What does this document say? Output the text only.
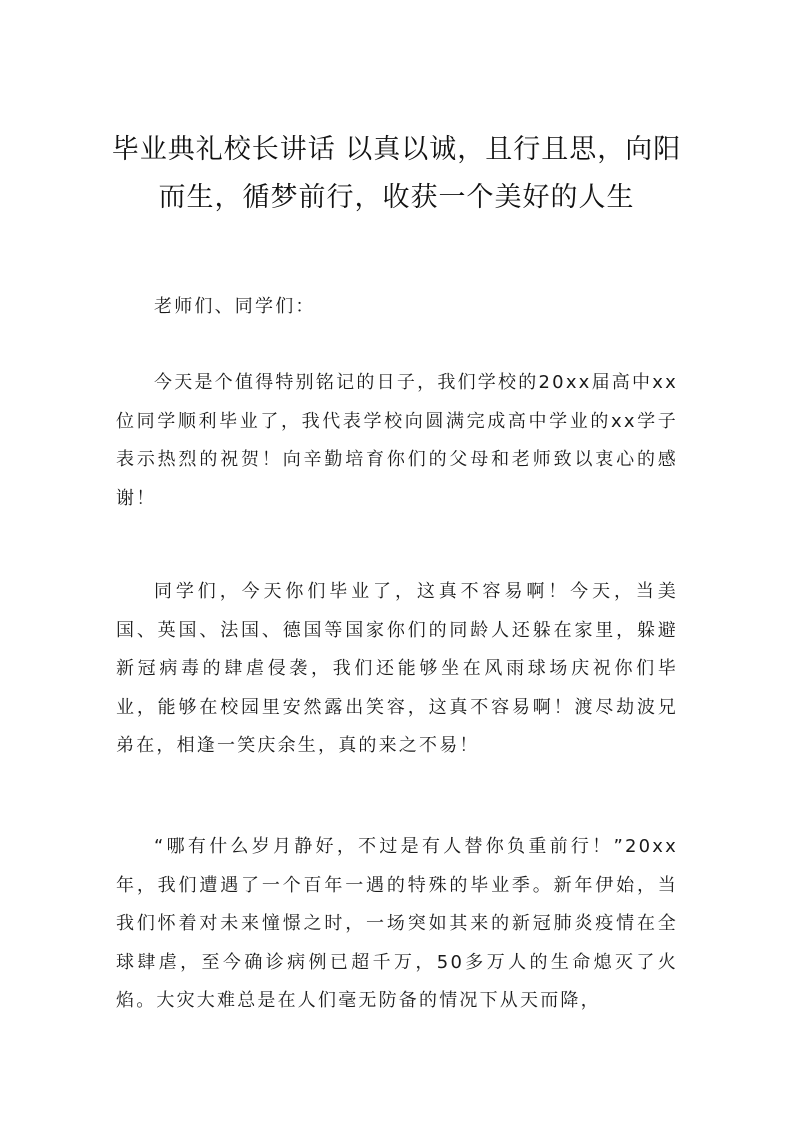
毕业典礼校长讲话 以真以诚，且行且思，向阳而生，循梦前行，收获一个美好的人生

老师们、同学们：

今天是个值得特别铭记的日子，我们学校的20xx届高中xx位同学顺利毕业了，我代表学校向圆满完成高中学业的xx学子表示热烈的祝贺！向辛勤培育你们的父母和老师致以衷心的感谢！

同学们，今天你们毕业了，这真不容易啊！今天，当美国、英国、法国、德国等国家你们的同龄人还躲在家里，躲避新冠病毒的肆虐侵袭，我们还能够坐在风雨球场庆祝你们毕业，能够在校园里安然露出笑容，这真不容易啊！渡尽劫波兄弟在，相逢一笑庆余生，真的来之不易！

“哪有什么岁月静好，不过是有人替你负重前行！”20xx年，我们遭遇了一个百年一遇的特殊的毕业季。新年伊始，当我们怀着对未来憧憬之时，一场突如其来的新冠肺炎疫情在全球肆虐，至今确诊病例已超千万，50多万人的生命熄灭了火焰。大灾大难总是在人们毫无防备的情况下从天而降，
